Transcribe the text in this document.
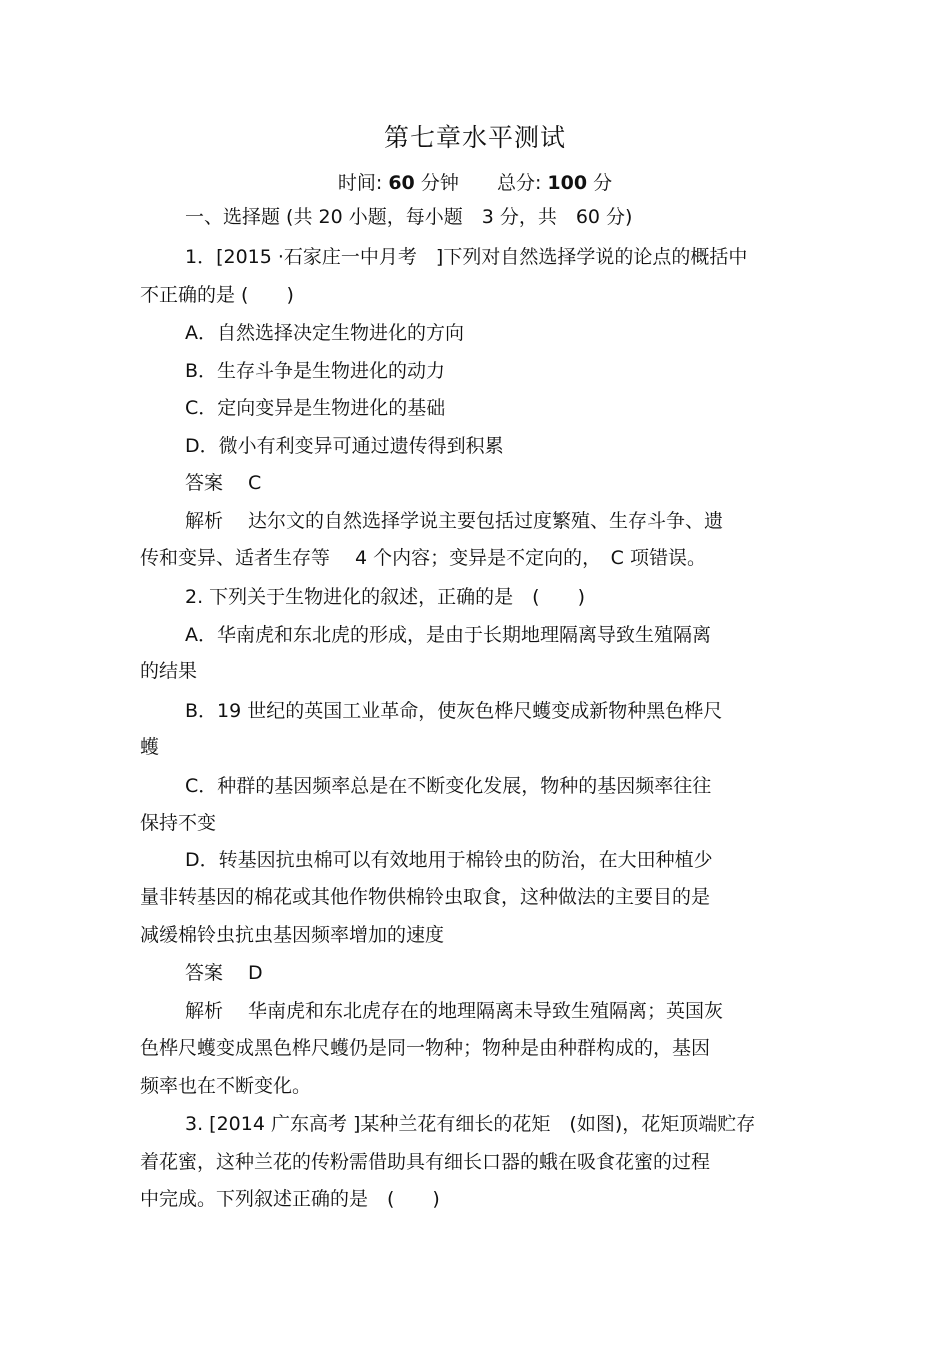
第七章水平测试
时间: 60 分钟 总分: 100 分
一、选择题 (共 20 小题，每小题　3 分，共　60 分)
1．[2015 ·石家庄一中月考　]下列对自然选择学说的论点的概括中
不正确的是 (　　)
A．自然选择决定生物进化的方向
B．生存斗争是生物进化的动力
C．定向变异是生物进化的基础
D．微小有利变异可通过遗传得到积累
答案　 C
解析　 达尔文的自然选择学说主要包括过度繁殖、生存斗争、遗
传和变异、适者生存等　 4 个内容；变异是不定向的，　C 项错误。
2. 下列关于生物进化的叙述，正确的是　(　　)
A．华南虎和东北虎的形成，是由于长期地理隔离导致生殖隔离
的结果
B．19 世纪的英国工业革命，使灰色桦尺蠖变成新物种黑色桦尺
蠖
C．种群的基因频率总是在不断变化发展，物种的基因频率往往
保持不变
D．转基因抗虫棉可以有效地用于棉铃虫的防治，在大田种植少
量非转基因的棉花或其他作物供棉铃虫取食，这种做法的主要目的是
减缓棉铃虫抗虫基因频率增加的速度
答案　 D
解析　 华南虎和东北虎存在的地理隔离未导致生殖隔离；英国灰
色桦尺蠖变成黑色桦尺蠖仍是同一物种；物种是由种群构成的，基因
频率也在不断变化。
3. [2014 广东高考 ]某种兰花有细长的花矩　(如图)，花矩顶端贮存
着花蜜，这种兰花的传粉需借助具有细长口器的蛾在吸食花蜜的过程
中完成。下列叙述正确的是　(　　)
